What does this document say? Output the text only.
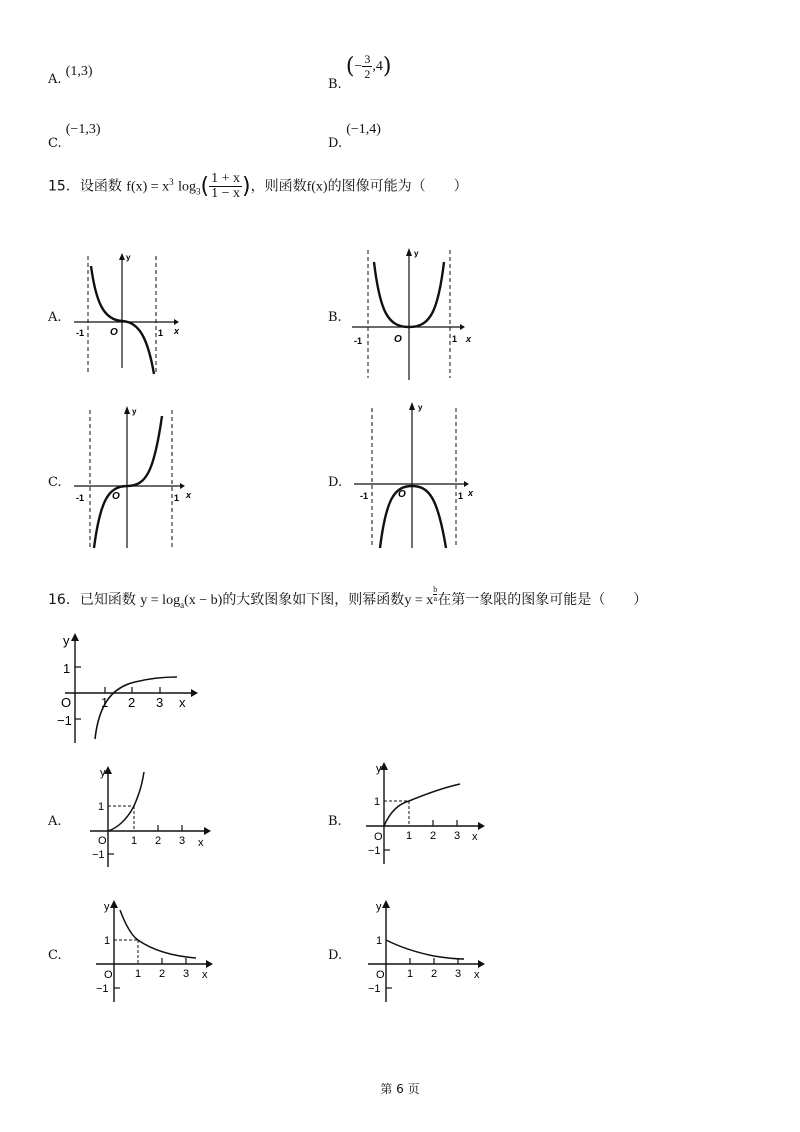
A. (1,3)
B. (− $\frac{3}{2} ,4$)
C. (−1,3)
D. (−1,4)
15．设函数 $f(x) = x^3$ $\log_3( \frac{1 + x}{1 - x}$ )，则函数f(x)的图像可能为（　　）
A.	B.
C.	D.
y
x
O
-1	1
y
x
O
-1	1
y
x
O
-1	1
y
x
O
-1	1
16．已知函数 $y = \log_a(x - b)$的大致图象如下图，则幂函数y = x $^{\frac{b}{a}}$ 在第一象限的图象可能是（　　）
y
x
O
1
−1
1 2 3
A.	B.
C.	D.
y
x
O
1
−1
1 2 3
y
x
O
1
−1
1 2 3
y
x
O
1
−1
1 2 3
y
x
O
1
−1
1 2 3
第 6 页
